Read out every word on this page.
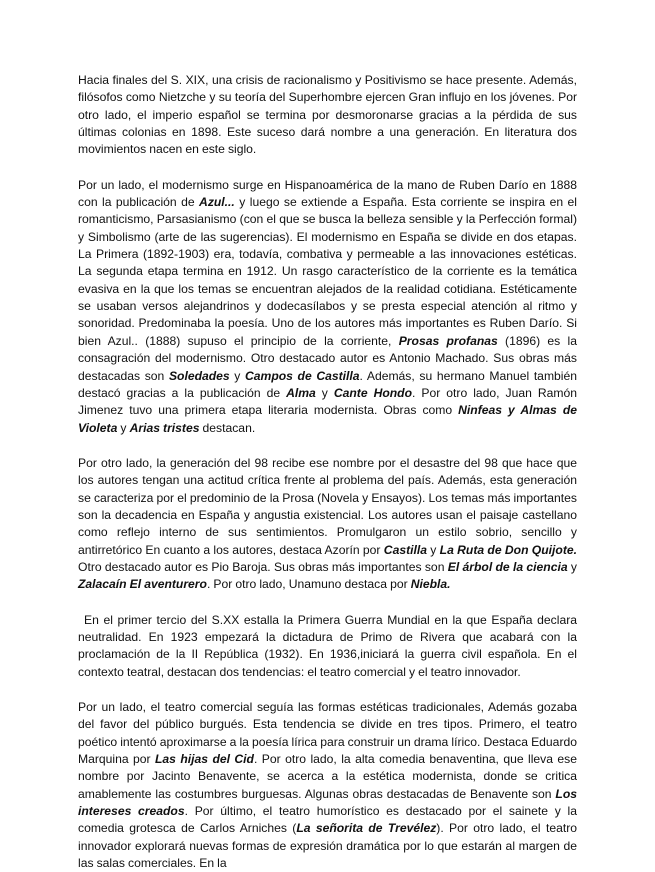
Hacia finales del S. XIX, una crisis de racionalismo y Positivismo se hace presente. Además, filósofos como Nietzche y su teoría del Superhombre ejercen Gran influjo en los jóvenes. Por otro lado, el imperio español se termina por desmoronarse gracias a la pérdida de sus últimas colonias en 1898. Este suceso dará nombre a una generación. En literatura dos movimientos nacen en este siglo.

Por un lado, el modernismo surge en Hispanoamérica de la mano de Ruben Darío en 1888 con la publicación de Azul... y luego se extiende a España. Esta corriente se inspira en el romanticismo, Parsasianismo (con el que se busca la belleza sensible y la Perfección formal) y Simbolismo (arte de las sugerencias). El modernismo en España se divide en dos etapas. La Primera (1892-1903) era, todavía, combativa y permeable a las innovaciones estéticas. La segunda etapa termina en 1912. Un rasgo característico de la corriente es la temática evasiva en la que los temas se encuentran alejados de la realidad cotidiana. Estéticamente se usaban versos alejandrinos y dodecasílabos y se presta especial atención al ritmo y sonoridad. Predominaba la poesía. Uno de los autores más importantes es Ruben Darío. Si bien Azul.. (1888) supuso el principio de la corriente, Prosas profanas (1896) es la consagración del modernismo. Otro destacado autor es Antonio Machado. Sus obras más destacadas son Soledades y Campos de Castilla. Además, su hermano Manuel también destacó gracias a la publicación de Alma y Cante Hondo. Por otro lado, Juan Ramón Jimenez tuvo una primera etapa literaria modernista. Obras como Ninfeas y Almas de Violeta y Arias tristes destacan.

Por otro lado, la generación del 98 recibe ese nombre por el desastre del 98 que hace que los autores tengan una actitud crítica frente al problema del país. Además, esta generación se caracteriza por el predominio de la Prosa (Novela y Ensayos). Los temas más importantes son la decadencia en España y angustia existencial. Los autores usan el paisaje castellano como reflejo interno de sus sentimientos. Promulgaron un estilo sobrio, sencillo y antirretórico En cuanto a los autores, destaca Azorín por Castilla y La Ruta de Don Quijote. Otro destacado autor es Pio Baroja. Sus obras más importantes son El árbol de la ciencia y Zalacaín El aventurero. Por otro lado, Unamuno destaca por Niebla.

En el primer tercio del S.XX estalla la Primera Guerra Mundial en la que España declara neutralidad. En 1923 empezará la dictadura de Primo de Rivera que acabará con la proclamación de la II República (1932). En 1936,iniciará la guerra civil española. En el contexto teatral, destacan dos tendencias: el teatro comercial y el teatro innovador.

Por un lado, el teatro comercial seguía las formas estéticas tradicionales, Además gozaba del favor del público burgués. Esta tendencia se divide en tres tipos. Primero, el teatro poético intentó aproximarse a la poesía lírica para construir un drama lírico. Destaca Eduardo Marquina por Las hijas del Cid. Por otro lado, la alta comedia benaventina, que lleva ese nombre por Jacinto Benavente, se acerca a la estética modernista, donde se critica amablemente las costumbres burguesas. Algunas obras destacadas de Benavente son Los intereses creados. Por último, el teatro humorístico es destacado por el sainete y la comedia grotesca de Carlos Arniches (La señorita de Trevélez). Por otro lado, el teatro innovador explorará nuevas formas de expresión dramática por lo que estarán al margen de las salas comerciales. En la
